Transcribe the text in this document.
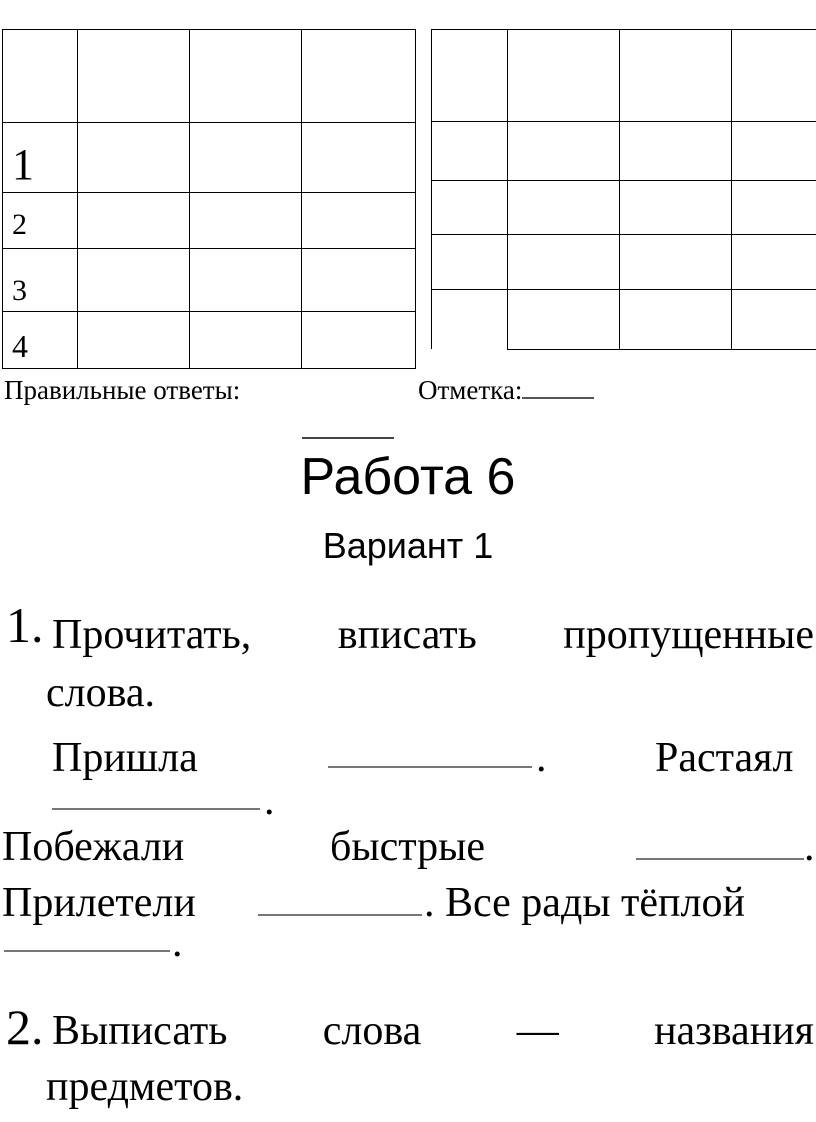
1
2
3
4
Правильные ответы:	Отметка:
Работа 6
Вариант 1
1. Прочитать, вписать пропущенные
слова.
Пришла	.	Растаял
.
Побежали	быстрые	.
Прилетели	. Все рады тёплой
.
2. Выписать слова — названия
предметов.
